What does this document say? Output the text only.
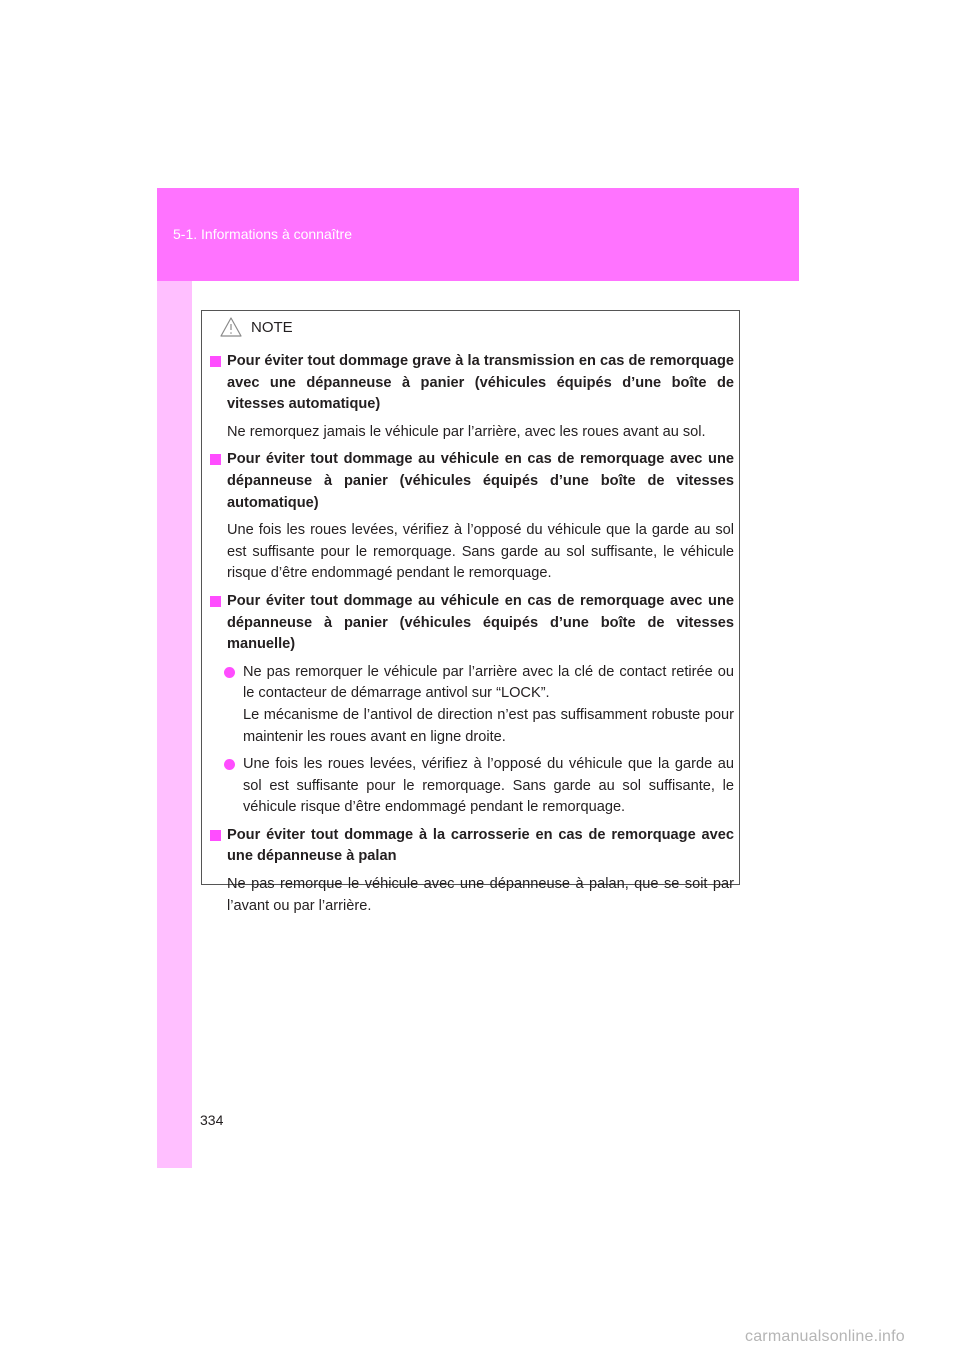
5-1. Informations à connaître
NOTE

Pour éviter tout dommage grave à la transmission en cas de remorquage avec une dépanneuse à panier (véhicules équipés d’une boîte de vitesses automatique)

Ne remorquez jamais le véhicule par l’arrière, avec les roues avant au sol.

Pour éviter tout dommage au véhicule en cas de remorquage avec une dépanneuse à panier (véhicules équipés d’une boîte de vitesses automatique)

Une fois les roues levées, vérifiez à l’opposé du véhicule que la garde au sol est suffisante pour le remorquage. Sans garde au sol suffisante, le véhicule risque d’être endommagé pendant le remorquage.

Pour éviter tout dommage au véhicule en cas de remorquage avec une dépanneuse à panier (véhicules équipés d’une boîte de vitesses manuelle)

Ne pas remorquer le véhicule par l’arrière avec la clé de contact retirée ou le contacteur de démarrage antivol sur “LOCK”.
Le mécanisme de l’antivol de direction n’est pas suffisamment robuste pour maintenir les roues avant en ligne droite.
Une fois les roues levées, vérifiez à l’opposé du véhicule que la garde au sol est suffisante pour le remorquage. Sans garde au sol suffisante, le véhicule risque d’être endommagé pendant le remorquage.

Pour éviter tout dommage à la carrosserie en cas de remorquage avec une dépanneuse à palan

Ne pas remorque le véhicule avec une dépanneuse à palan, que se soit par l’avant ou par l’arrière.

334
carmanualsonline.info
